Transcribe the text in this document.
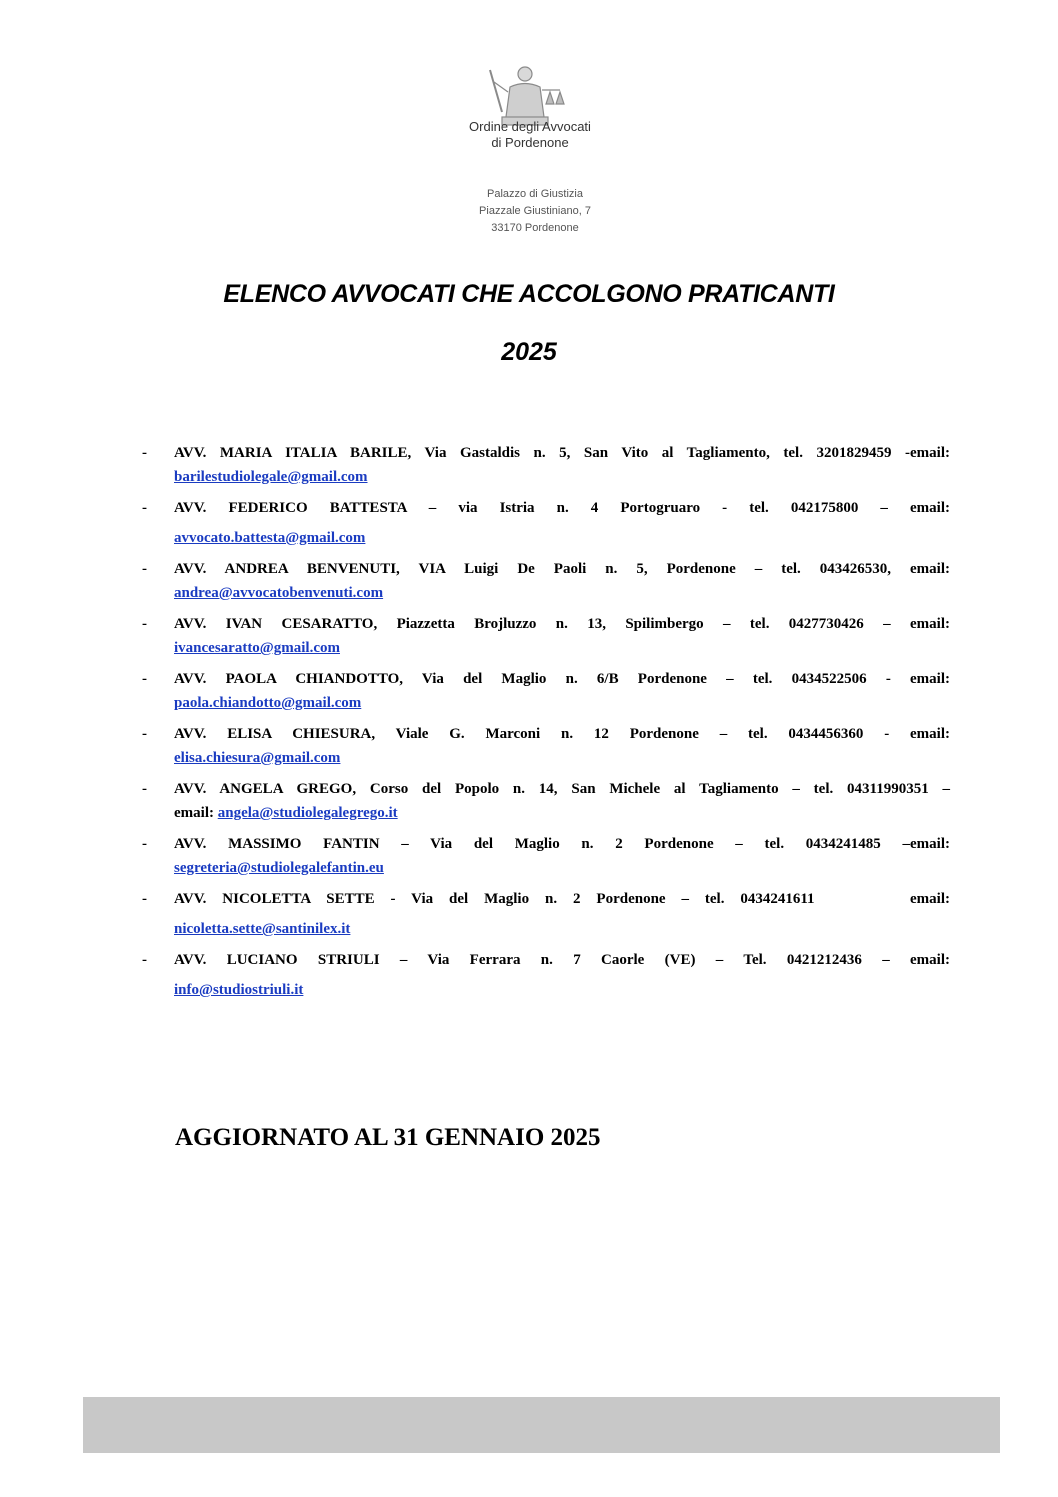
Ordine degli Avvocati
di Pordenone
Palazzo di Giustizia
Piazzale Giustiniano, 7
33170 Pordenone
ELENCO AVVOCATI CHE ACCOLGONO PRATICANTI
2025
- AVV. MARIA ITALIA BARILE, Via Gastaldis n. 5, San Vito al Tagliamento, tel. 3201829459 -email:
barilestudiolegale@gmail.com
- AVV. FEDERICO BATTESTA – via Istria n. 4 Portogruaro - tel. 042175800 – email:
avvocato.battesta@gmail.com
- AVV. ANDREA BENVENUTI, VIA Luigi De Paoli n. 5, Pordenone – tel. 043426530, email:
andrea@avvocatobenvenuti.com
- AVV. IVAN CESARATTO, Piazzetta Brojluzzo n. 13, Spilimbergo – tel. 0427730426 – email:
ivancesaratto@gmail.com
- AVV. PAOLA CHIANDOTTO, Via del Maglio n. 6/B Pordenone – tel. 0434522506 - email:
paola.chiandotto@gmail.com
- AVV. ELISA CHIESURA, Viale G. Marconi n. 12 Pordenone – tel. 0434456360 - email:
elisa.chiesura@gmail.com
- AVV. ANGELA GREGO, Corso del Popolo n. 14, San Michele al Tagliamento – tel. 04311990351 –
email: angela@studiolegalegrego.it
- AVV. MASSIMO FANTIN – Via del Maglio n. 2 Pordenone – tel. 0434241485 –email:
segreteria@studiolegalefantin.eu
- AVV. NICOLETTA SETTE - Via del Maglio n. 2 Pordenone – tel. 0434241611      email:
nicoletta.sette@santinilex.it
- AVV. LUCIANO STRIULI – Via Ferrara n. 7 Caorle (VE) – Tel. 0421212436 – email:
info@studiostriuli.it
AGGIORNATO AL 31 GENNAIO 2025
